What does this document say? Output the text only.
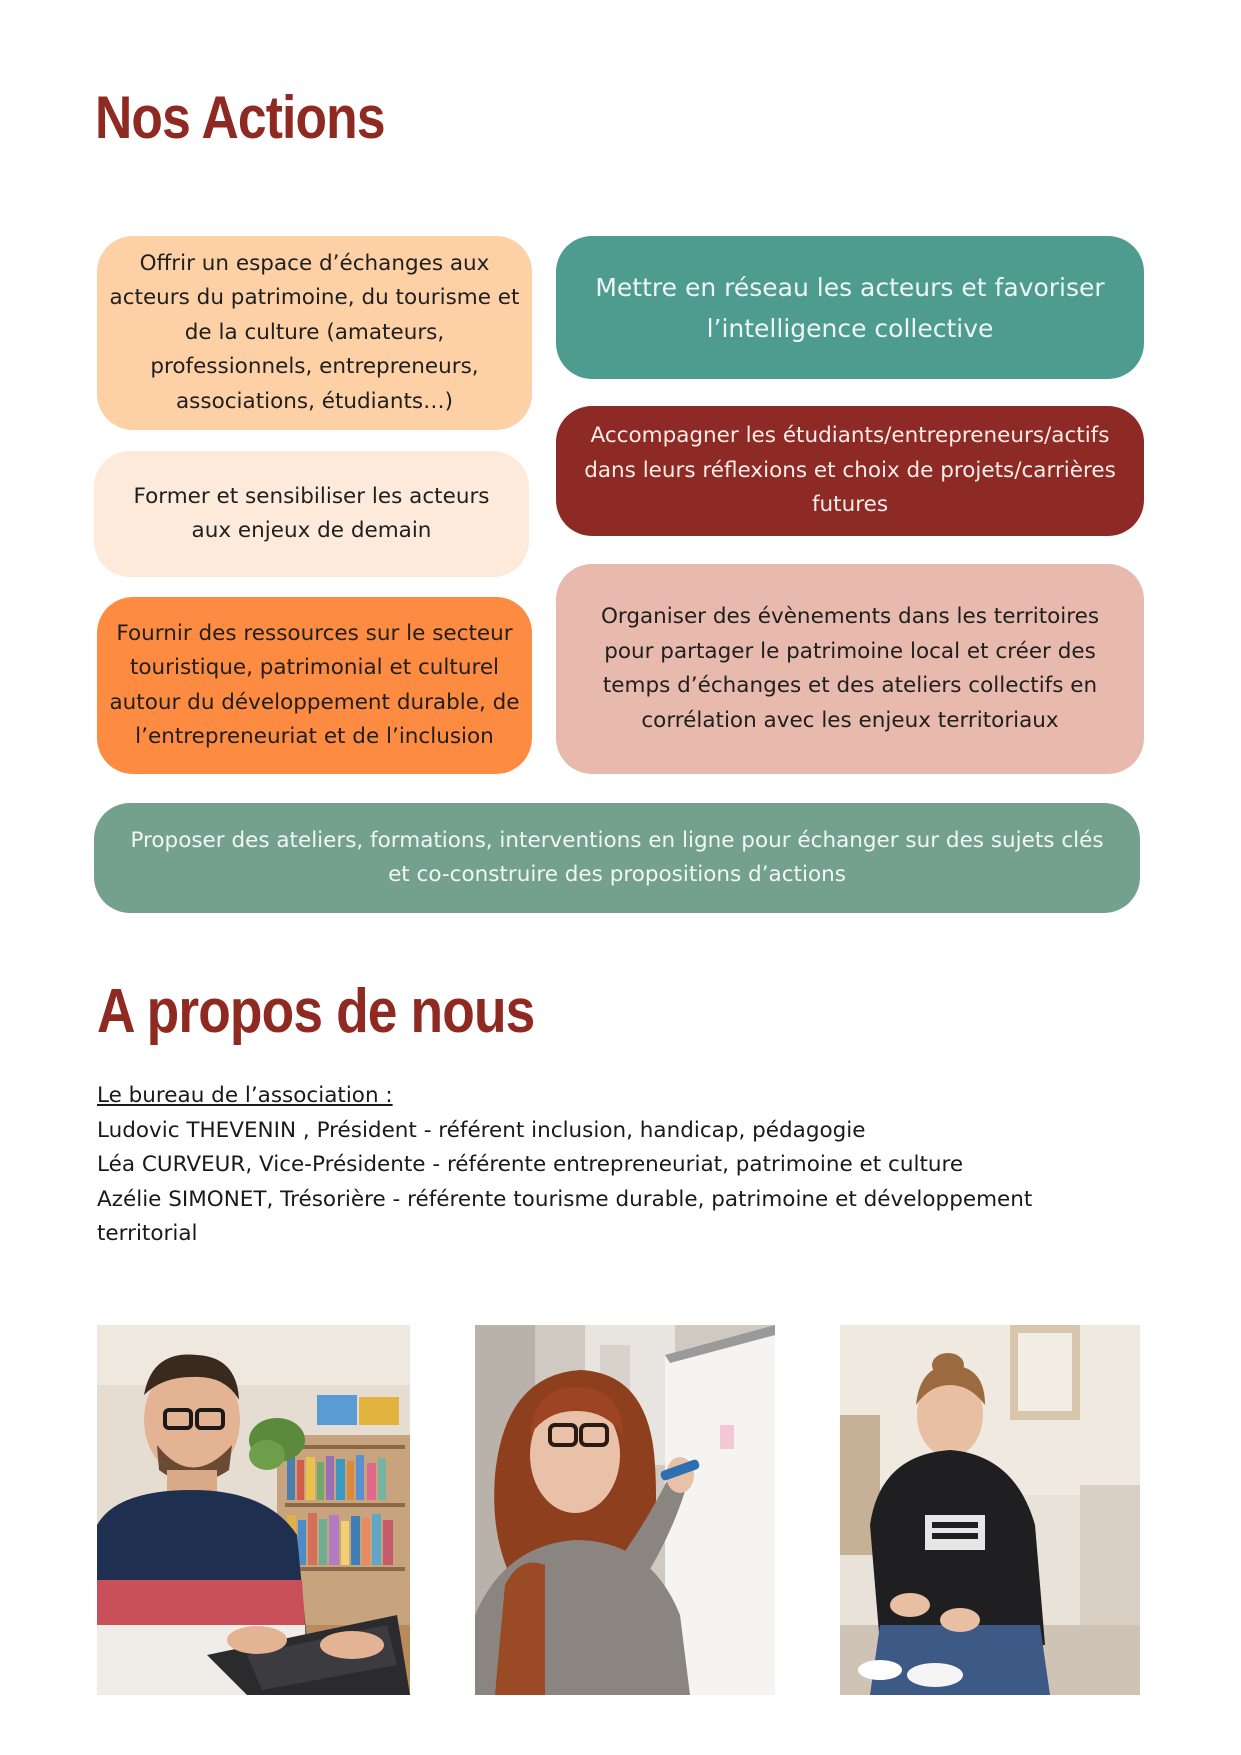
Nos Actions
Offrir un espace d’échanges aux
acteurs du patrimoine, du tourisme et
de la culture (amateurs,
professionnels, entrepreneurs,
associations, étudiants…)
Former et sensibiliser les acteurs
aux enjeux de demain
Fournir des ressources sur le secteur
touristique, patrimonial et culturel
autour du développement durable, de
l’entrepreneuriat et de l’inclusion
Mettre en réseau les acteurs et favoriser
l’intelligence collective
Accompagner les étudiants/entrepreneurs/actifs
dans leurs réflexions et choix de projets/carrières
futures
Organiser des évènements dans les territoires
pour partager le patrimoine local et créer des
temps d’échanges et des ateliers collectifs en
corrélation avec les enjeux territoriaux
Proposer des ateliers, formations, interventions en ligne pour échanger sur des sujets clés
et co-construire des propositions d’actions
A propos de nous
Le bureau de l’association :
Ludovic THEVENIN , Président - référent inclusion, handicap, pédagogie
Léa CURVEUR, Vice-Présidente - référente entrepreneuriat, patrimoine et culture
Azélie SIMONET, Trésorière - référente tourisme durable, patrimoine et développement
territorial
